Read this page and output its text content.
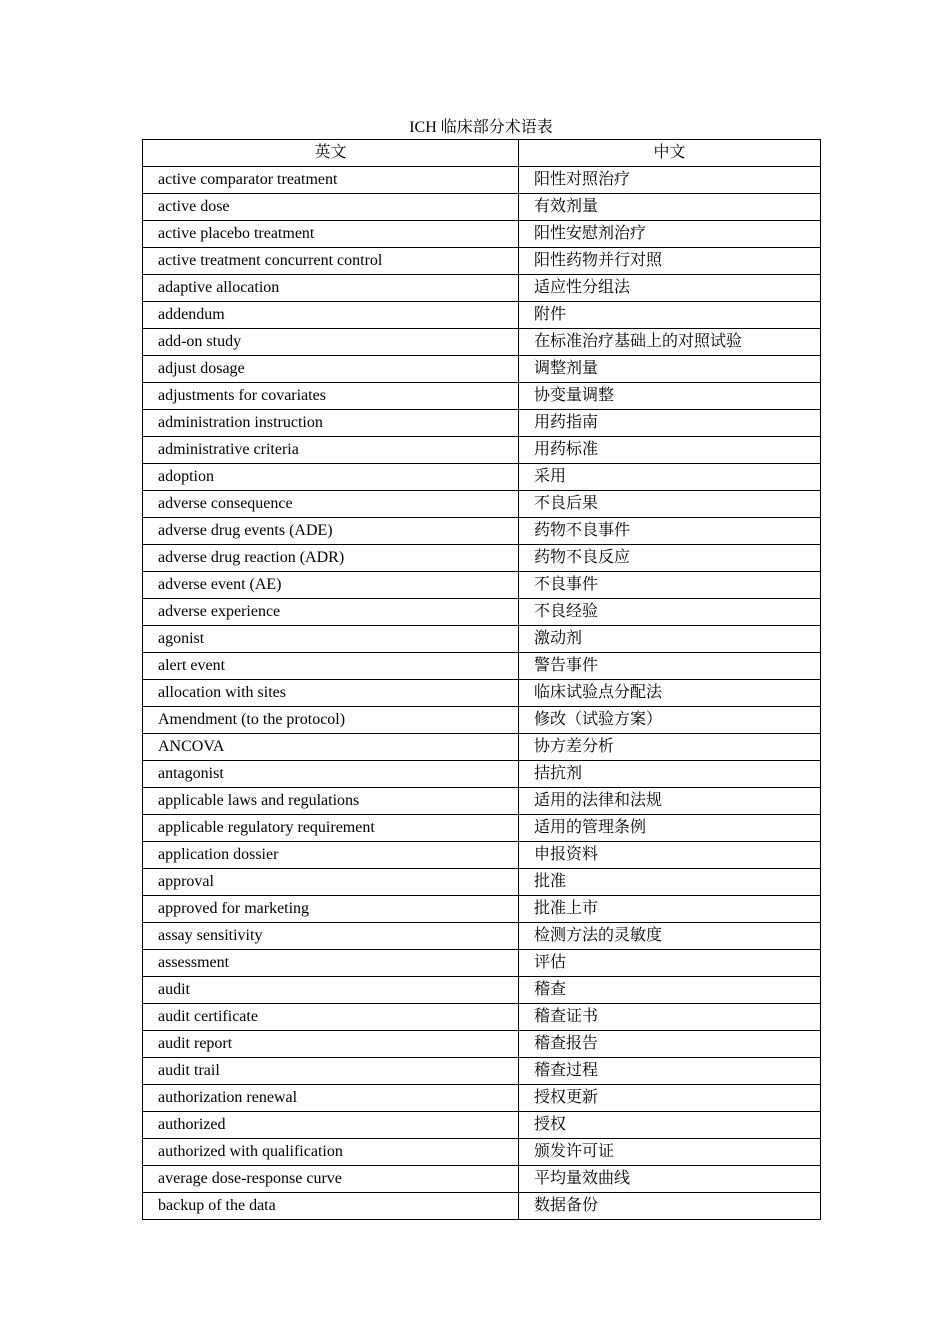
ICH 临床部分术语表
英文	中文
active comparator treatment	阳性对照治疗
active dose	有效剂量
active placebo treatment	阳性安慰剂治疗
active treatment concurrent control	阳性药物并行对照
adaptive allocation	适应性分组法
addendum	附件
add-on study	在标准治疗基础上的对照试验
adjust dosage	调整剂量
adjustments for covariates	协变量调整
administration instruction	用药指南
administrative criteria	用药标准
adoption	采用
adverse consequence	不良后果
adverse drug events (ADE)	药物不良事件
adverse drug reaction (ADR)	药物不良反应
adverse event (AE)	不良事件
adverse experience	不良经验
agonist	激动剂
alert event	警告事件
allocation with sites	临床试验点分配法
Amendment (to the protocol)	修改（试验方案）
ANCOVA	协方差分析
antagonist	拮抗剂
applicable laws and regulations	适用的法律和法规
applicable regulatory requirement	适用的管理条例
application dossier	申报资料
approval	批准
approved for marketing	批准上市
assay sensitivity	检测方法的灵敏度
assessment	评估
audit	稽查
audit certificate	稽查证书
audit report	稽查报告
audit trail	稽查过程
authorization renewal	授权更新
authorized	授权
authorized with qualification	颁发许可证
average dose-response curve	平均量效曲线
backup of the data	数据备份
